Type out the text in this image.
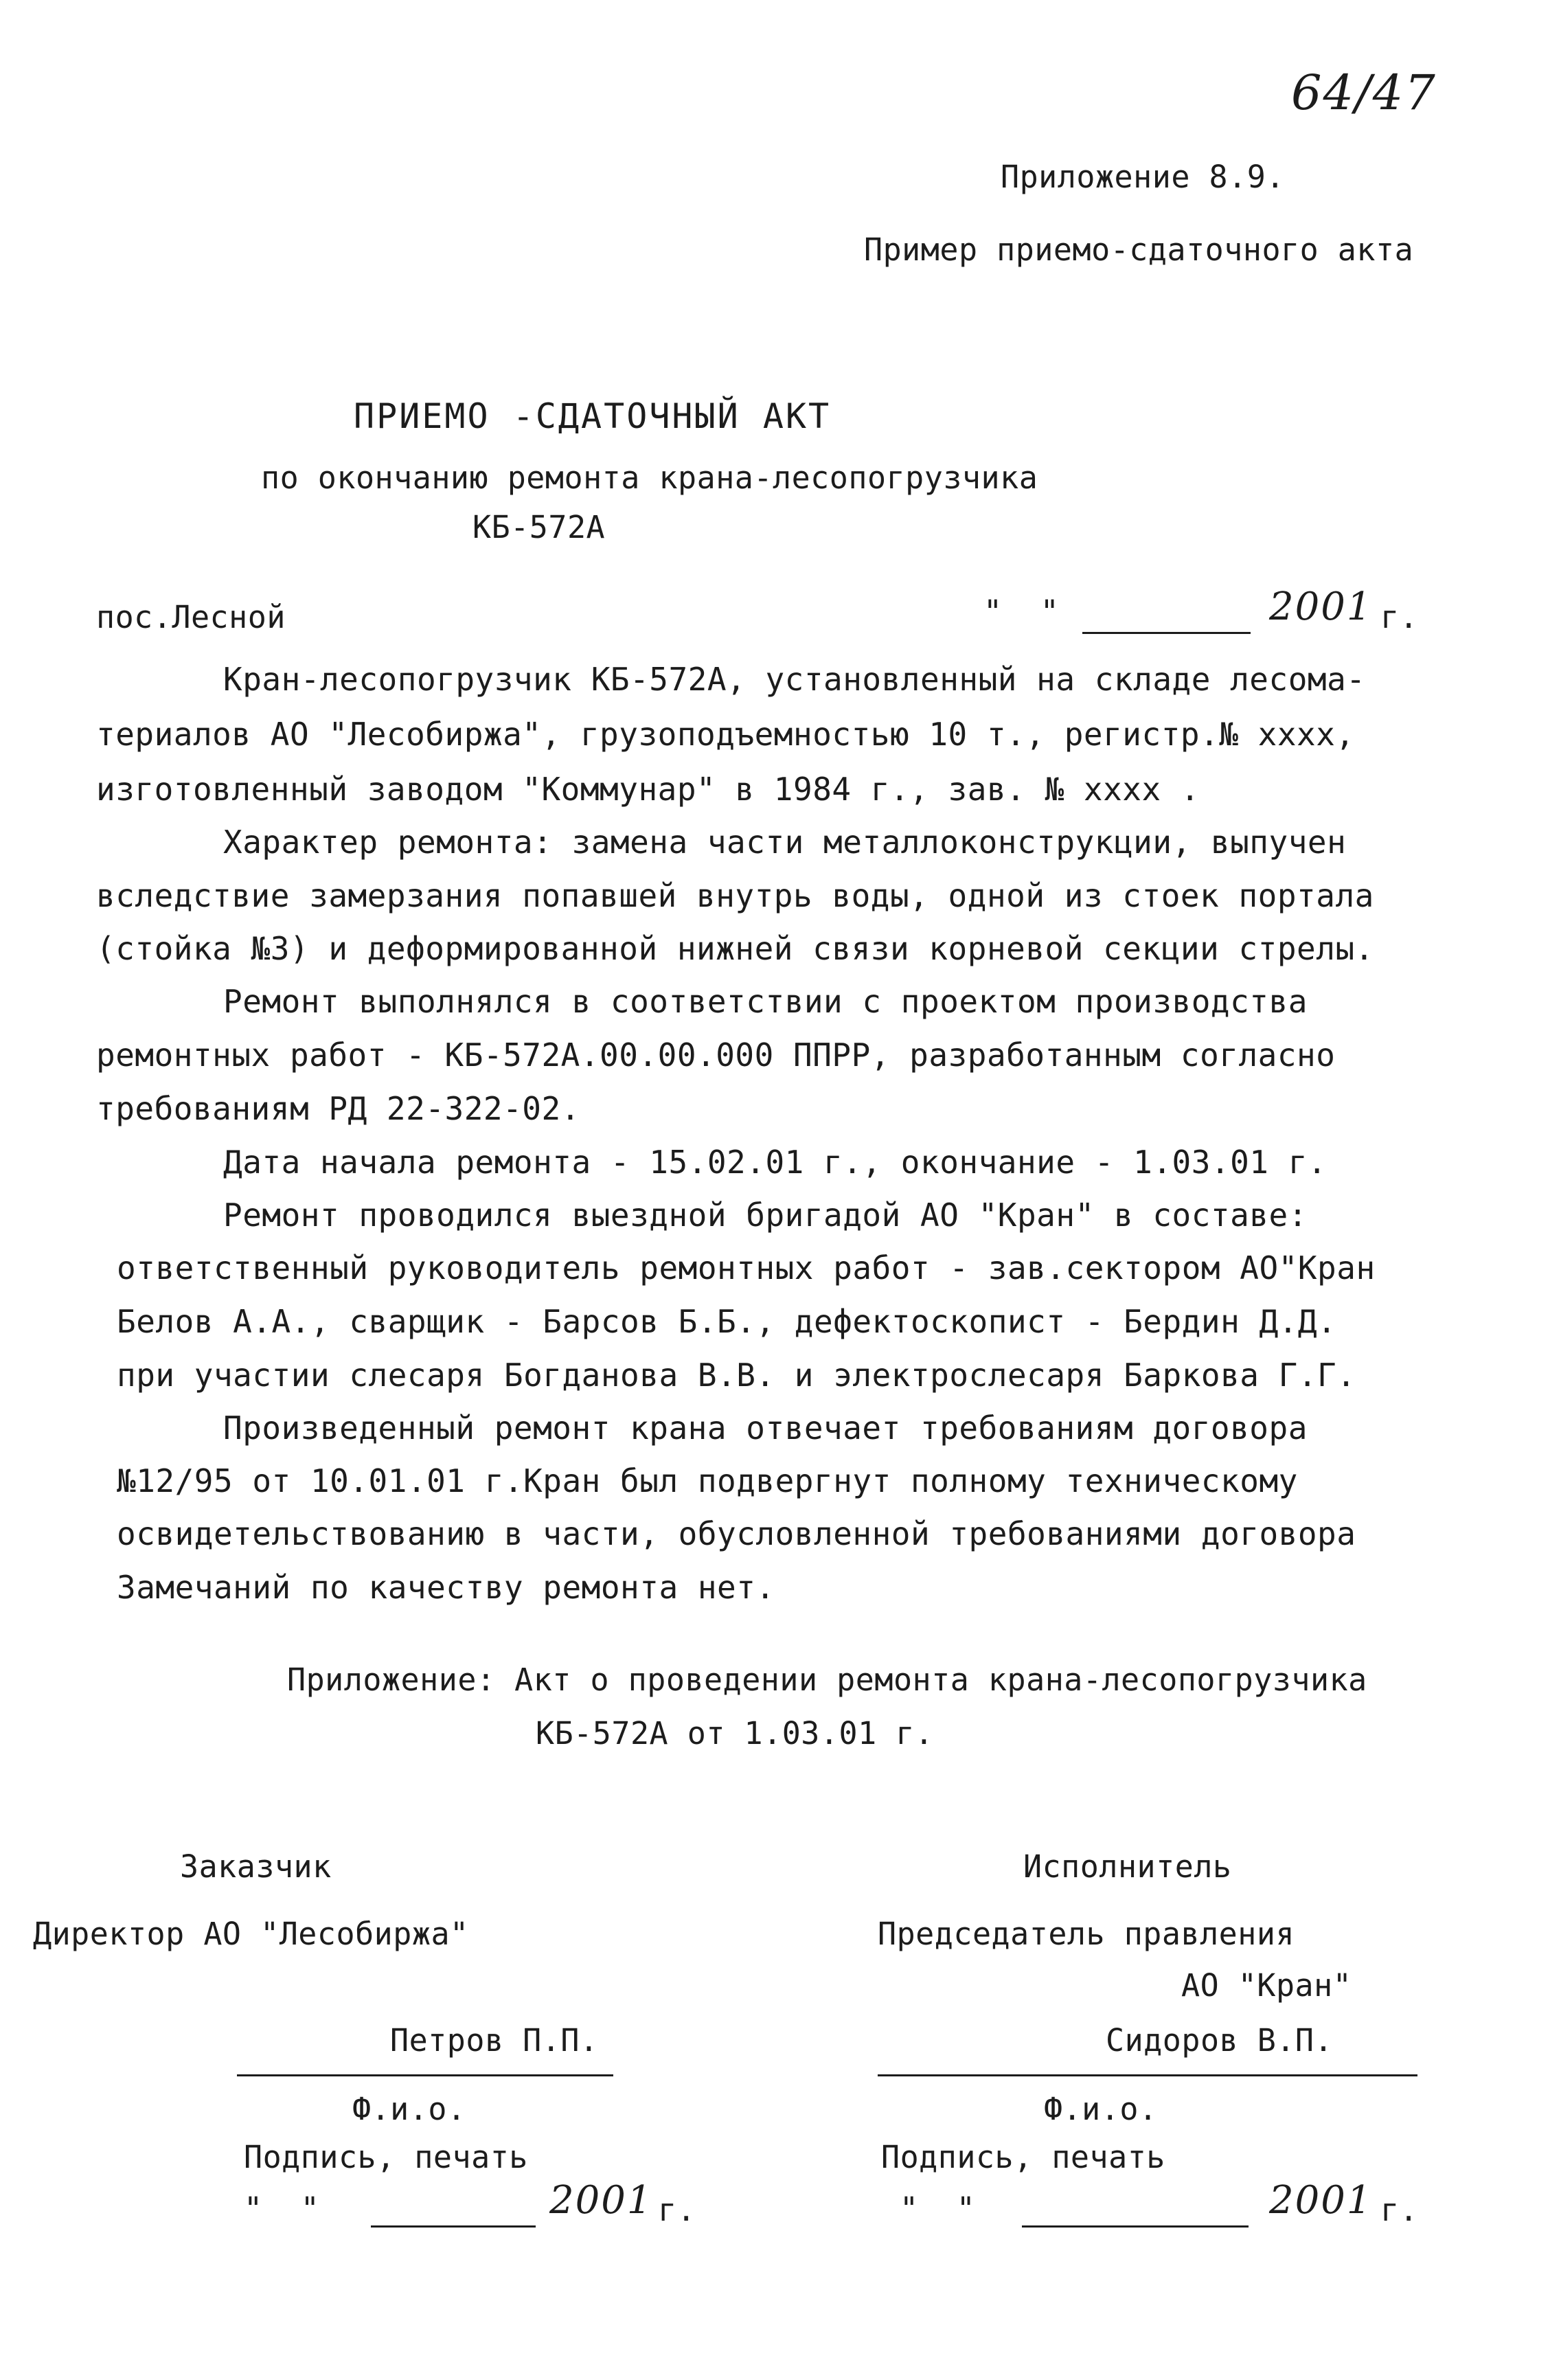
64/47
Приложение 8.9.
Пример приемо-сдаточного акта
ПРИЕМО -СДАТОЧНЫЙ АКТ
по окончанию ремонта крана-лесопогрузчика
КБ-572А
пос.Лесной	"  "	2001 г.
Кран-лесопогрузчик КБ-572А, установленный на складе лесома-
териалов АО "Лесобиржа", грузоподъемностью 10 т., регистр.№ хххх,
изготовленный заводом "Коммунар" в 1984 г., зав. № хххх .
Характер ремонта: замена части металлоконструкции, выпучен
вследствие замерзания попавшей внутрь воды, одной из стоек портала
(стойка №3) и деформированной нижней связи корневой секции стрелы.
Ремонт выполнялся в соответствии с проектом производства
ремонтных работ - КБ-572А.00.00.000 ППРР, разработанным согласно
требованиям РД 22-322-02.
Дата начала ремонта - 15.02.01 г., окончание - 1.03.01 г.
Ремонт проводился выездной бригадой АО "Кран" в составе:
ответственный руководитель ремонтных работ - зав.сектором АО"Кран
Белов А.А., сварщик - Барсов Б.Б., дефектоскопист - Бердин Д.Д.
при участии слесаря Богданова В.В. и электрослесаря Баркова Г.Г.
Произведенный ремонт крана отвечает требованиям договора
№12/95 от 10.01.01 г.Кран был подвергнут полному техническому
освидетельствованию в части, обусловленной требованиями договора
Замечаний по качеству ремонта нет.
Приложение: Акт о проведении ремонта крана-лесопогрузчика
КБ-572А от 1.03.01 г.
Заказчик
Директор АО "Лесобиржа"
Петров П.П.
Ф.и.о.
Подпись, печать
"  "	2001 г.
Исполнитель
Председатель правления
АО "Кран"
Сидоров В.П.
Ф.и.о.
Подпись, печать
"  "	2001 г.
